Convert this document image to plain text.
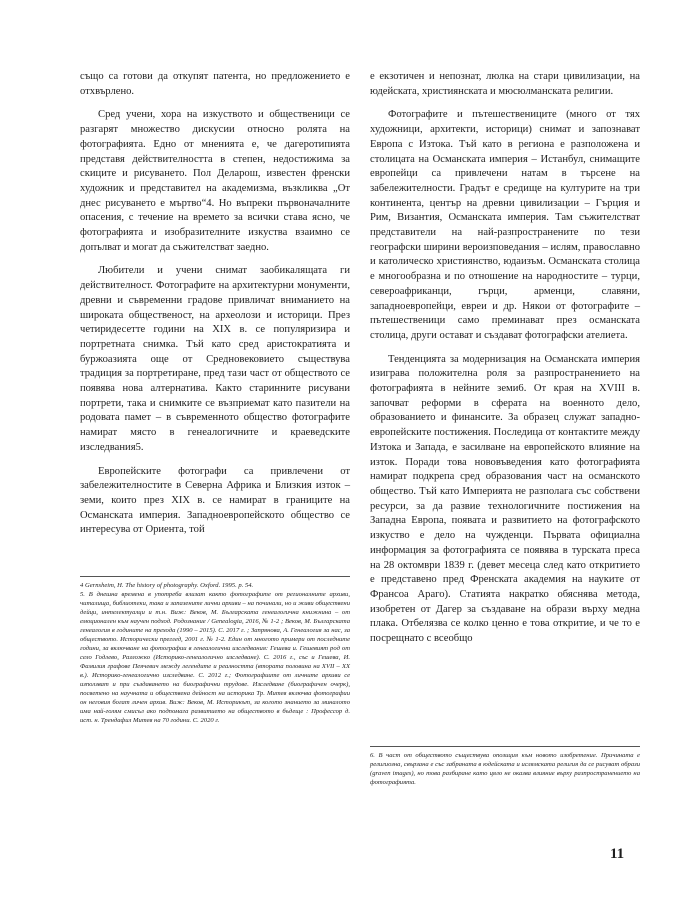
също са готови да откупят патента, но предложението е отхвърлено.

Сред учени, хора на изкуството и общественици се разгарят множество дискусии относно ролята на фотографията. Едно от мненията е, че дагеротипията представя действителността в степен, недостижима за скиците и рисуването. Пол Деларош, известен френски художник и представител на академизма, възкликва „От днес рисуването е мъртво“4. Но въпреки първоначалните опасения, с течение на времето за всички става ясно, че фотографията и изобразителните изкуства взаимно се допълват и могат да съжителстват заедно.

Любители и учени снимат заобикалящата ги действителност. Фотографите на архитектурни монументи, древни и съвременни градове привличат вниманието на широката общественост, на археолози и историци. През четиридесетте години на XIX в. се популяризира и портретната снимка. Тъй като сред аристократията и буржоазията още от Средновековието съществува традиция за портретиране, пред тази част от обществото се появява нова алтернатива. Както старинните рисувани портрети, така и снимките се възприемат като пазители на родовата памет – в съвременното общество фотографите намират място в генеалогичните и краеведските изследвания5.

Европейските фотографи са привлечени от забележителностите в Северна Африка и Близкия изток – земи, които през XIX в. се намират в границите на Османската империя. Западноевропейското общество се интересува от Ориента, той

е екзотичен и непознат, люлка на стари цивилизации, на юдейската, християнската и мюсюлманската религии.

Фотографите и пътешествениците (много от тях художници, архитекти, историци) снимат и запознават Европа с Изтока. Тъй като в региона е разположена и столицата на Османската империя – Истанбул, снимащите европейци са привлечени натам в търсене на забележителности. Градът е средище на културите на три континента, център на древни цивилизации – Гърция и Рим, Византия, Османската империя. Там съжителстват представители на най-разпространените по тези географски ширини вероизповедания – ислям, православно и католическо християнство, юдаизъм. Османската столица е многообразна и по отношение на народностите – турци, североафриканци, гърци, арменци, славяни, западноевропейци, евреи и др. Някои от фотографите – пътешественици само преминават през османската столица, други остават и създават фотографски ателиета.

Тенденцията за модернизация на Османската империя изиграва положителна роля за разпространението на фотографията в нейните земи6. От края на XVIII в. започват реформи в сферата на военното дело, образованието и финансите. За образец служат западно-европейските постижения. Последица от контактите между Изтока и Запада, е засилване на европейското влияние на изток. Поради това нововъведения като фотографията намират подкрепа сред образования част на османското общество. Тъй като Империята не разполага със собствени ресурси, за да развие технологичните постижения на Западна Европа, появата и развитието на фотографското изкуство е дело на чужденци. Първата официална информация за фотографията се появява в турската преса на 28 октомври 1839 г. (девет месеца след като откритието е представено пред Френската академия на науките от Франсоа Араго). Статията накратко обяснява метода, изобретен от Дагер за създаване на образи върху медна плака. Отбелязва се колко ценно е това откритие, и че то е посрещнато с всеобщо

4 Gernsheim, H. The history of photography. Oxford. 1995. p. 54.

5. В днешна времена в употреба влизат както фотографите от регионалните архиви, читалища, библиотеки, така и запазените лични архиви – на починали, но и живи обществени дейци, интелектуалци и т.н. Виж: Веков, М. Българската генеалогична книжнина – от емоционален към научен подход. Родознание / Genealogia, 2016, № 1-2 ; Веков, М. Българската генеалогия в годините на прехода (1990 – 2015). С. 2017 г. ; Запрянова, А. Генеалогия за нас, за обществото. Исторически преглед, 2001 г. № 1-2. Един от многото примери от последните години, за включване на фотографии в генеалогични изследвания: Гешева и. Гешевият род от село Годлево, Разложко (Историко-генеалогично изследване). С. 2016 г., със и Гешева, И. Фамилия графове Пеячевич между легендите и реалността (втората половина на XVII – XX в.). Историко-генеалогично изследване. С. 2012 г.; Фотографиите от личните архиви се използват и при създаването на биографични трудове. Изследване (биографичен очерк), посветено на научната и обществена дейност на историка Тр. Митев включва фотографии он неговия богат личен архив. Виж: Веков, М. Историкът, за когото знанието за миналото има най-голям смисъл ако подпомага развитието на обществото в бъдеще : Профессор д. ист. н. Трендафил Митев на 70 години. С. 2020 г.

6. В част от обществото съществува опозиция към новото изобретение. Причината е религиозна, свързана е със забраната в юдейската и ислямската религия да се рисуват образи (graven images), но това разбиране като цяло не оказва влияние върху разпространението на фотографията.

11
